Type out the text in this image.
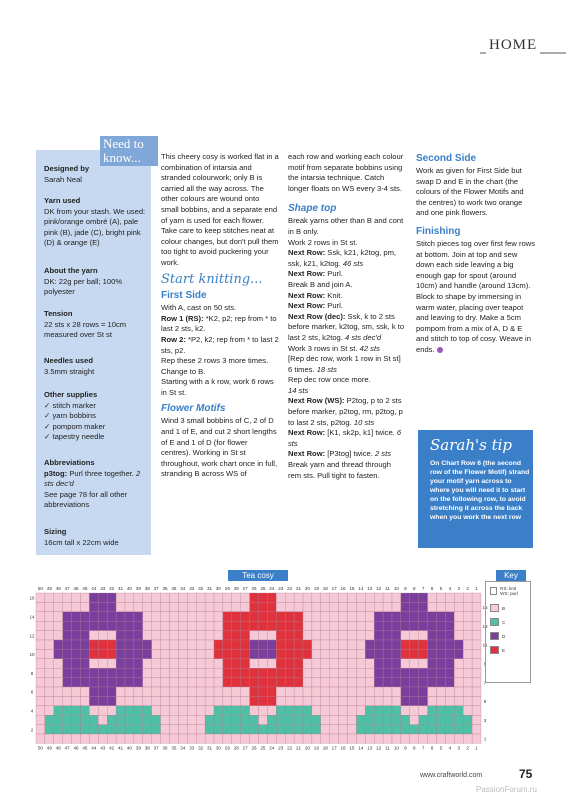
HOME
Need to know...
Designed by
Sarah Neal
Yarn used
DK from your stash. We used: pink/orange ombré (A), pale pink (B), jade (C), bright pink (D) & orange (E)
About the yarn
DK: 22g per ball; 100% polyester
Tension
22 sts x 28 rows = 10cm measured over St st
Needles used
3.5mm straight
Other supplies
✓ stitch marker
✓ yarn bobbins
✓ pompom maker
✓ tapestry needle
Abbreviations
p3tog: Purl three together. 2 sts dec'd
See page 78 for all other abbreviations
Sizing
16cm tall x 22cm wide

This cheery cosy is worked flat in a combination of intarsia and stranded colourwork; only B is carried all the way across. The other colours are wound onto small bobbins, and a separate end of yarn is used for each flower. Take care to keep stitches neat at colour changes, but don't pull them too tight to avoid puckering your work.

Start knitting...
First Side

With A, cast on 50 sts.

Row 1 (RS): *K2, p2; rep from * to last 2 sts, k2.

Row 2: *P2, k2; rep from * to last 2 sts, p2.

Rep these 2 rows 3 more times.

Change to B.

Starting with a k row, work 6 rows in St st.

Flower Motifs

Wind 3 small bobbins of C, 2 of D and 1 of E, and cut 2 short lengths of E and 1 of D (for flower centres). Working in St st throughout, work chart once in full, stranding B across WS of

each row and working each colour motif from separate bobbins using the intarsia technique. Catch longer floats on WS every 3-4 sts.

Shape top

Break yarns other than B and cont in B only.

Work 2 rows in St st.

Next Row: Ssk, k21, k2tog, pm, ssk, k21, k2tog. 46 sts

Next Row: Purl.

Break B and join A.

Next Row: Knit.

Next Row: Purl.

Next Row (dec): Ssk, k to 2 sts before marker, k2tog, sm, ssk, k to last 2 sts, k2tog. 4 sts dec'd

Work 3 rows in St st. 42 sts

[Rep dec row, work 1 row in St st] 6 times. 18 sts

Rep dec row once more.

14 sts

Next Row (WS): P2tog, p to 2 sts before marker, p2tog, rm, p2tog, p to last 2 sts, p2tog. 10 sts

Next Row: [K1, sk2p, k1] twice. 6 sts

Next Row: [P3tog] twice. 2 sts

Break yarn and thread through rem sts. Pull tight to fasten.

Second Side

Work as given for First Side but swap D and E in the chart (the colours of the Flower Motifs and the centres) to work two orange and one pink flowers.

Finishing

Stitch pieces tog over first few rows at bottom. Join at top and sew down each side leaving a big enough gap for spout (around 10cm) and handle (around 13cm). Block to shape by immersing in warm water, placing over teapot and leaving to dry. Make a 5cm pompom from a mix of A, D & E and stitch to top of cosy. Weave in ends.

Sarah's tip
On Chart Row 6 (the second row of the Flower Motif) strand your motif yarn across to where you will need it to start on the following row, to avoid stretching it across the back when you work the next row
Tea cosy
50
50
49
49
48
48
47
47
46
46
45
45
44
44
43
43
42
42
41
41
40
40
39
39
38
38
37
37
36
36
35
35
34
34
33
33
32
32
31
31
30
30
29
29
28
28
27
27
26
26
25
25
24
24
23
23
22
22
21
21
20
20
19
19
18
18
17
17
16
16
15
15
14
14
13
13
12
12
11
11
10
10
9
9
8
8
7
7
6
6
5
5
4
4
3
3
2
2
1
1
16
15
14
13
12
11
10
9
8
7
6
5
4
3
2
1
Key
RS: knit WS: purl
B
C
D
E
www.craftworld.com	75
PassionForum.ru
